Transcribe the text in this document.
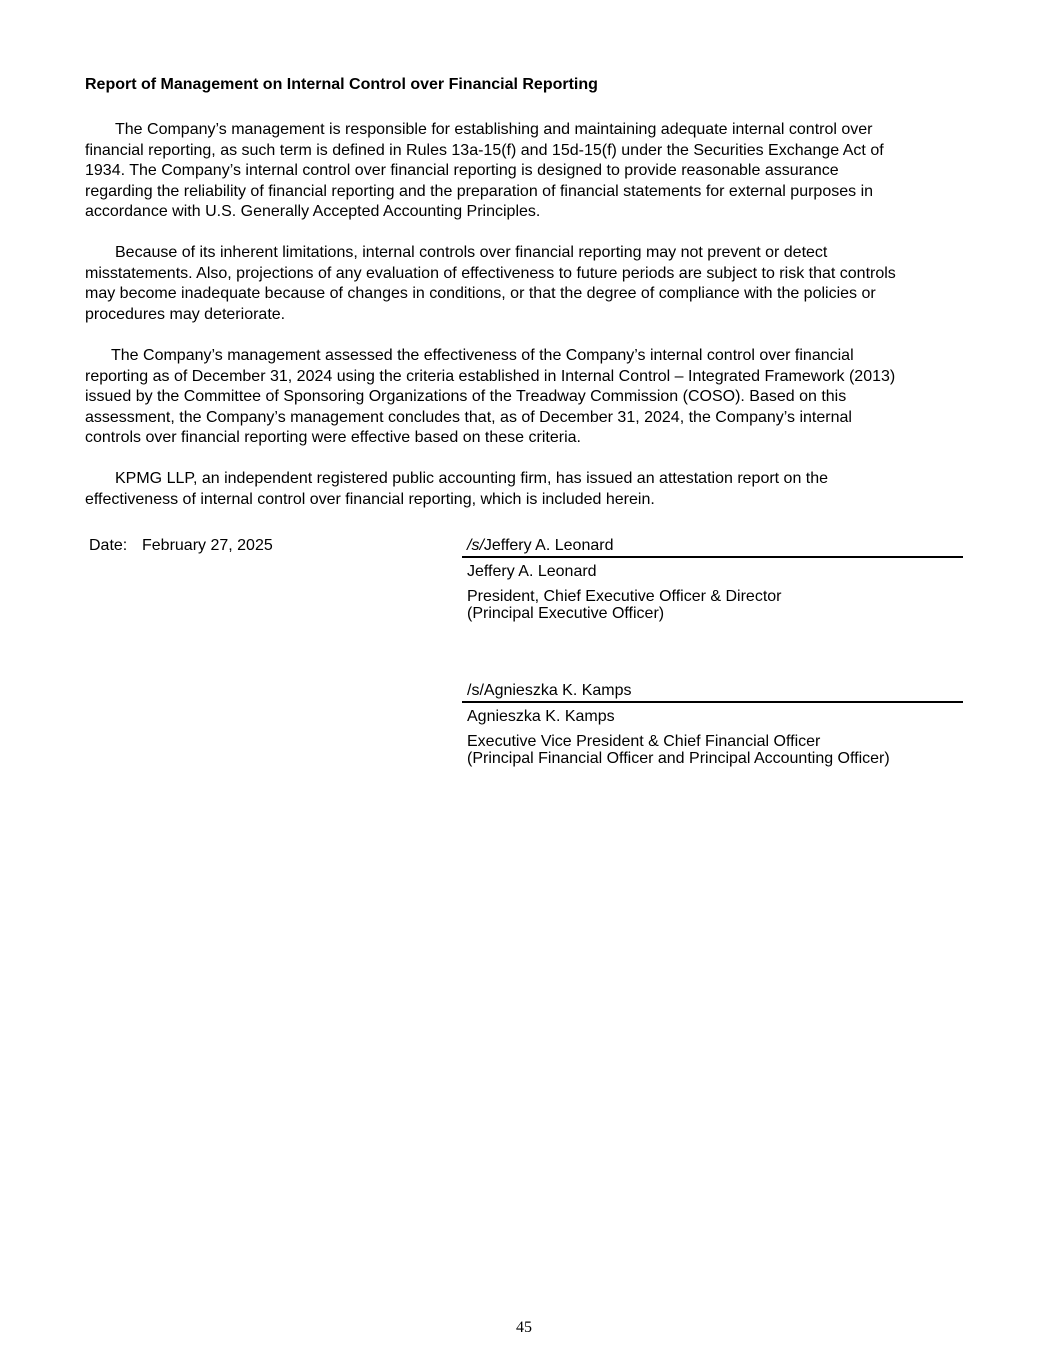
Report of Management on Internal Control over Financial Reporting
The Company’s management is responsible for establishing and maintaining adequate internal control over
financial reporting, as such term is defined in Rules 13a-15(f) and 15d-15(f) under the Securities Exchange Act of
1934. The Company’s internal control over financial reporting is designed to provide reasonable assurance
regarding the reliability of financial reporting and the preparation of financial statements for external purposes in
accordance with U.S. Generally Accepted Accounting Principles.
Because of its inherent limitations, internal controls over financial reporting may not prevent or detect
misstatements. Also, projections of any evaluation of effectiveness to future periods are subject to risk that controls
may become inadequate because of changes in conditions, or that the degree of compliance with the policies or
procedures may deteriorate.
The Company’s management assessed the effectiveness of the Company’s internal control over financial
reporting as of December 31, 2024 using the criteria established in Internal Control – Integrated Framework (2013)
issued by the Committee of Sponsoring Organizations of the Treadway Commission (COSO). Based on this
assessment, the Company’s management concludes that, as of December 31, 2024, the Company’s internal
controls over financial reporting were effective based on these criteria.
KPMG LLP, an independent registered public accounting firm, has issued an attestation report on the
effectiveness of internal control over financial reporting, which is included herein.
Date: February 27, 2025	/s/Jeffery A. Leonard
Jeffery A. Leonard
President, Chief Executive Officer & Director
(Principal Executive Officer)
/s/Agnieszka K. Kamps
Agnieszka K. Kamps
Executive Vice President & Chief Financial Officer
(Principal Financial Officer and Principal Accounting Officer)
45
